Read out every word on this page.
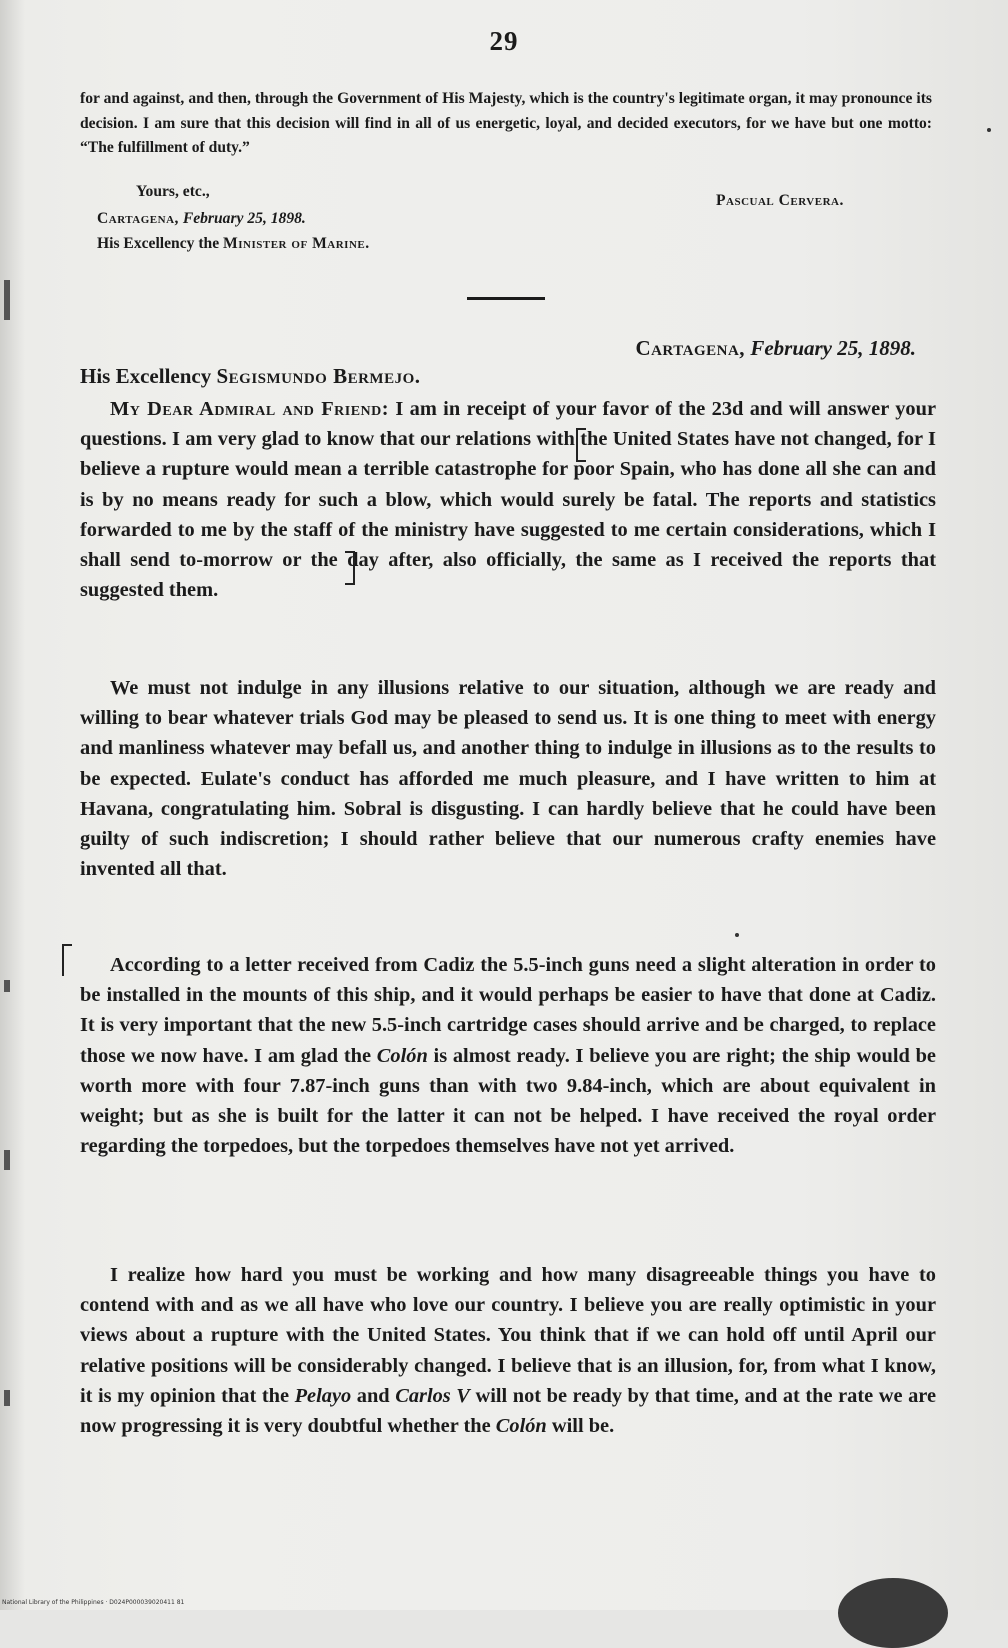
29
for and against, and then, through the Government of His Majesty, which is the country's legitimate organ, it may pronounce its decision. I am sure that this decision will find in all of us energetic, loyal, and decided executors, for we have but one motto: “The fulfillment of duty.”
Yours, etc.,
Pascual Cervera.
Cartagena, February 25, 1898.
His Excellency the Minister of Marine.
Cartagena, February 25, 1898.
His Excellency Segismundo Bermejo.

My Dear Admiral and Friend: I am in receipt of your favor of the 23d and will answer your questions. I am very glad to know that our relations with the United States have not changed, for I believe a rupture would mean a terrible catastrophe for poor Spain, who has done all she can and is by no means ready for such a blow, which would surely be fatal. The reports and statistics forwarded to me by the staff of the ministry have suggested to me certain considerations, which I shall send to-morrow or the day after, also officially, the same as I received the reports that suggested them.

We must not indulge in any illusions relative to our situation, although we are ready and willing to bear whatever trials God may be pleased to send us. It is one thing to meet with energy and manliness whatever may befall us, and another thing to indulge in illusions as to the results to be expected. Eulate's conduct has afforded me much pleasure, and I have written to him at Havana, congratulating him. Sobral is disgusting. I can hardly believe that he could have been guilty of such indiscretion; I should rather believe that our numerous crafty enemies have invented all that.

According to a letter received from Cadiz the 5.5-inch guns need a slight alteration in order to be installed in the mounts of this ship, and it would perhaps be easier to have that done at Cadiz. It is very important that the new 5.5-inch cartridge cases should arrive and be charged, to replace those we now have. I am glad the Colón is almost ready. I believe you are right; the ship would be worth more with four 7.87-inch guns than with two 9.84-inch, which are about equivalent in weight; but as she is built for the latter it can not be helped. I have received the royal order regarding the torpedoes, but the torpedoes themselves have not yet arrived.

I realize how hard you must be working and how many disagreeable things you have to contend with and as we all have who love our country. I believe you are really optimistic in your views about a rupture with the United States. You think that if we can hold off until April our relative positions will be considerably changed. I believe that is an illusion, for, from what I know, it is my opinion that the Pelayo and Carlos V will not be ready by that time, and at the rate we are now progressing it is very doubtful whether the Colón will be.

National Library of the Philippines · D024P000039020411 81
